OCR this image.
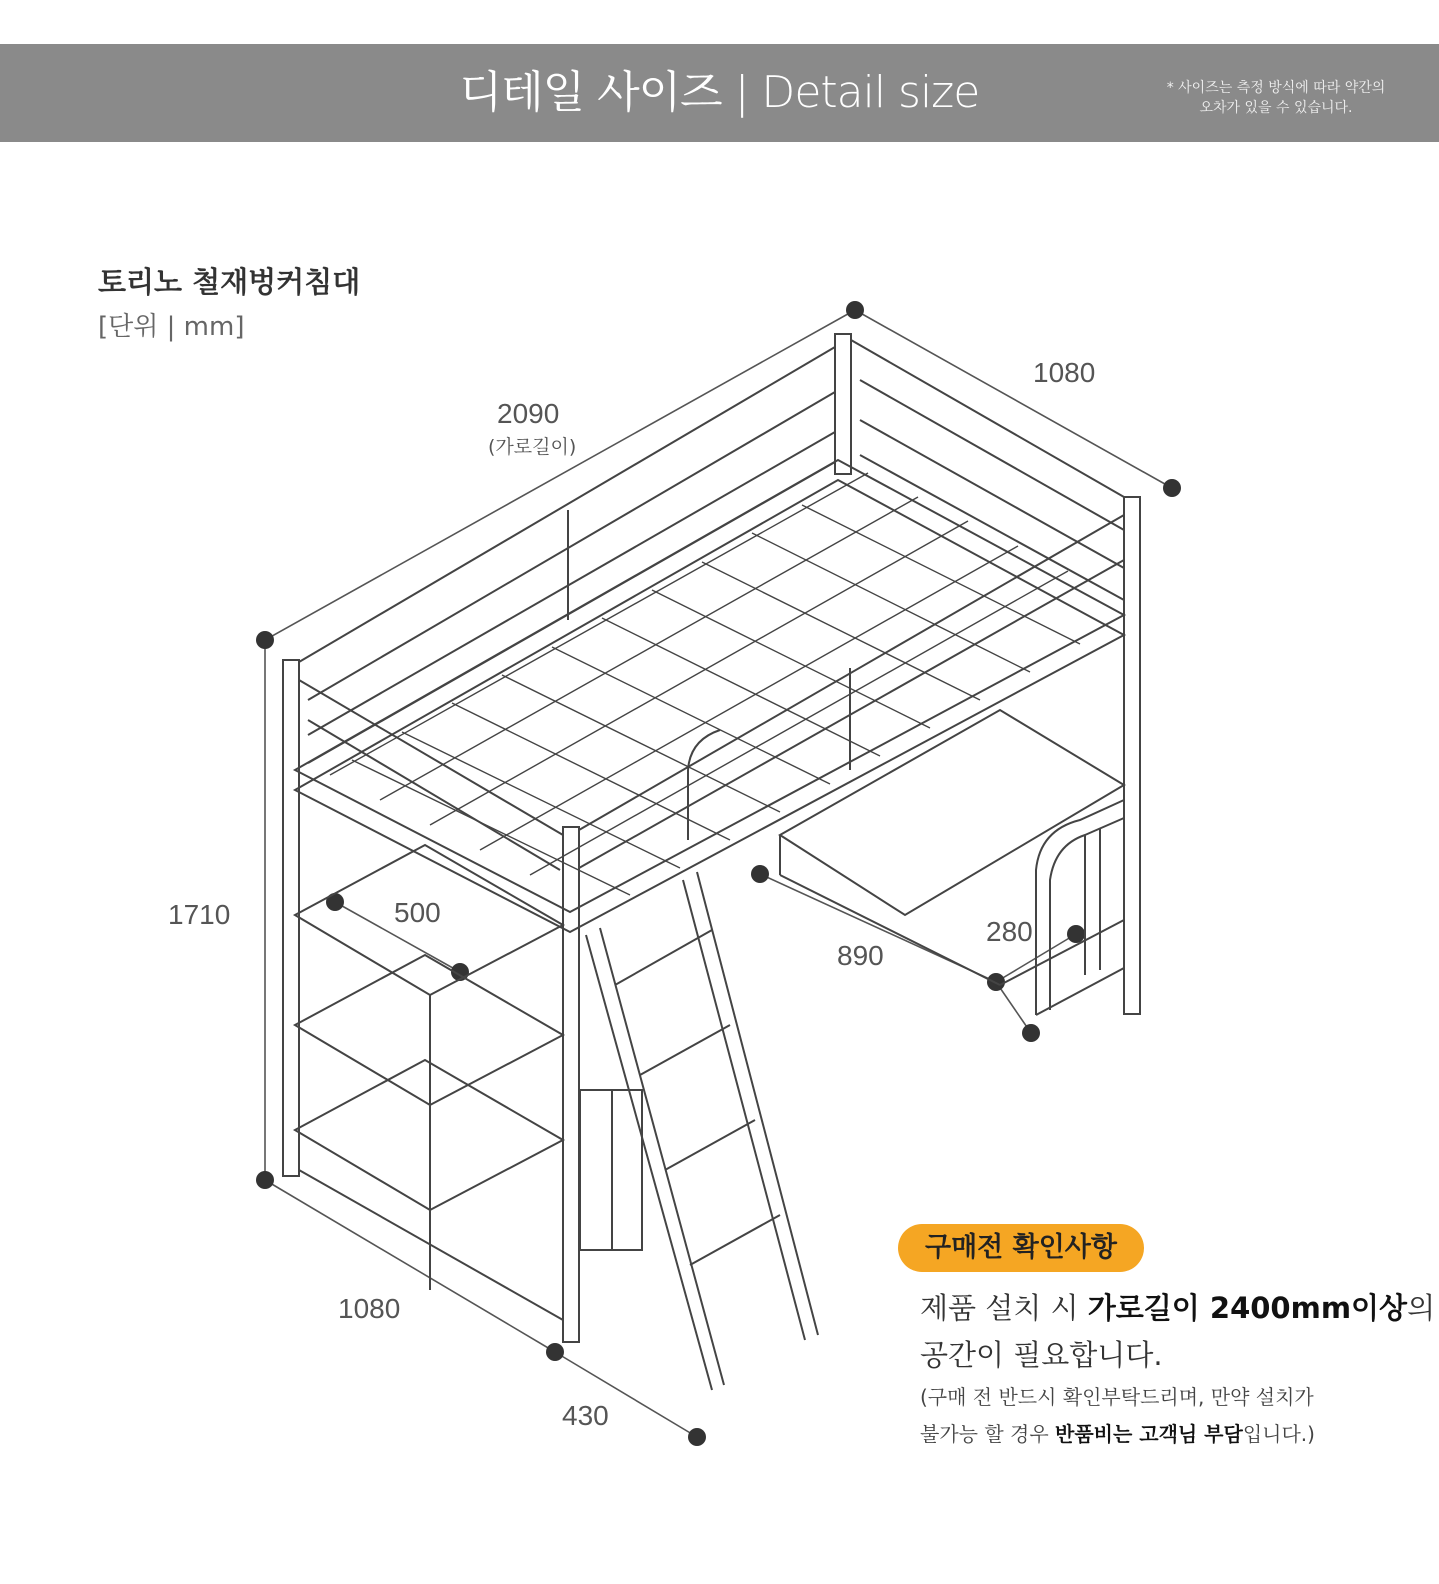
디테일 사이즈 | Detail size	* 사이즈는 측정 방식에 따라 약간의
오차가 있을 수 있습니다.
토리노 철재벙커침대
[단위 | mm]
2090
(가로길이)
1080
1710	500
890
280
1080
430
구매전 확인사항
제품 설치 시 가로길이 2400mm이상의
공간이 필요합니다.
(구매 전 반드시 확인부탁드리며, 만약 설치가
불가능 할 경우 반품비는 고객님 부담입니다.)
